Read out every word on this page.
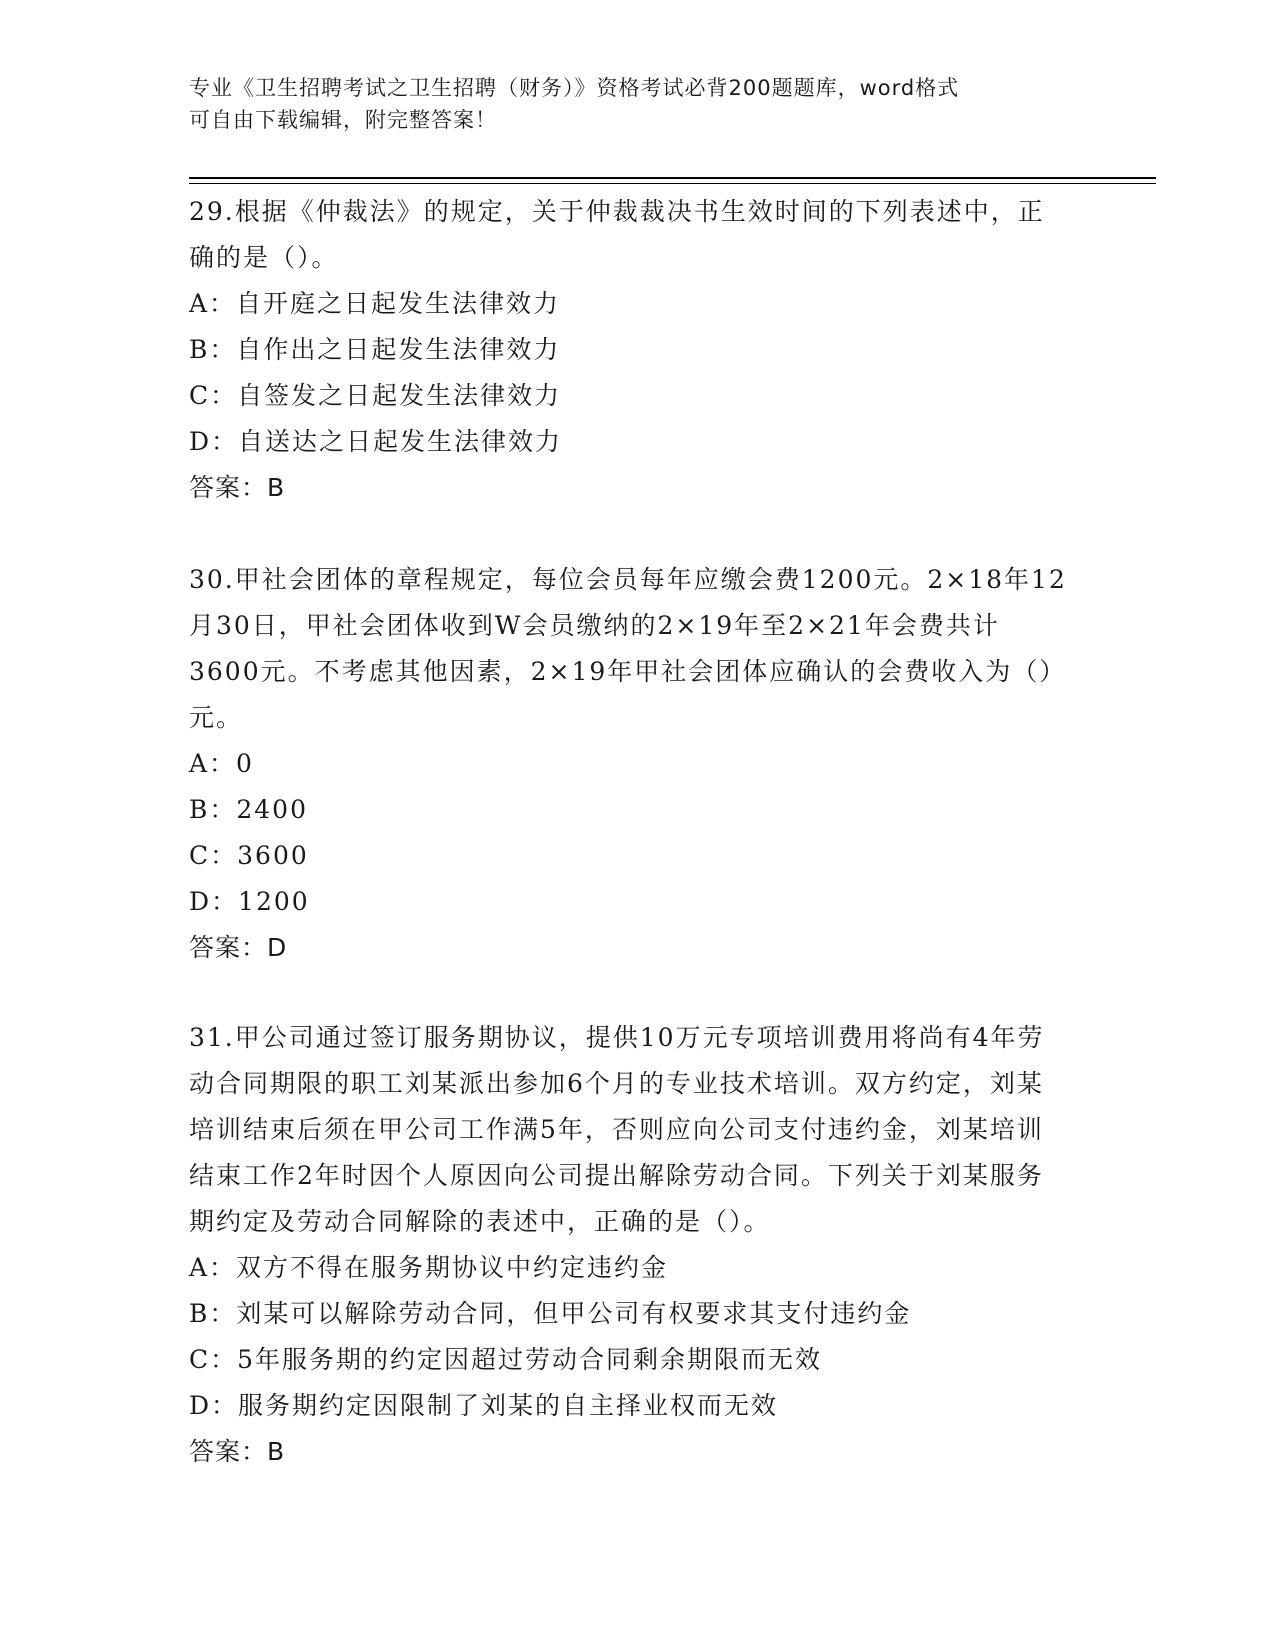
专业《卫生招聘考试之卫生招聘（财务）》资格考试必背200题题库，word格式
可自由下载编辑，附完整答案！
29.根据《仲裁法》的规定，关于仲裁裁决书生效时间的下列表述中，正确的是（）。
A：自开庭之日起发生法律效力
B：自作出之日起发生法律效力
C：自签发之日起发生法律效力
D：自送达之日起发生法律效力
答案：B
30.甲社会团体的章程规定，每位会员每年应缴会费1200元。2×18年12月30日，甲社会团体收到W会员缴纳的2×19年至2×21年会费共计3600元。不考虑其他因素，2×19年甲社会团体应确认的会费收入为（）元。
A：0
B：2400
C：3600
D：1200
答案：D
31.甲公司通过签订服务期协议，提供10万元专项培训费用将尚有4年劳动合同期限的职工刘某派出参加6个月的专业技术培训。双方约定，刘某培训结束后须在甲公司工作满5年，否则应向公司支付违约金，刘某培训结束工作2年时因个人原因向公司提出解除劳动合同。下列关于刘某服务期约定及劳动合同解除的表述中，正确的是（）。
A：双方不得在服务期协议中约定违约金
B：刘某可以解除劳动合同，但甲公司有权要求其支付违约金
C：5年服务期的约定因超过劳动合同剩余期限而无效
D：服务期约定因限制了刘某的自主择业权而无效
答案：B
